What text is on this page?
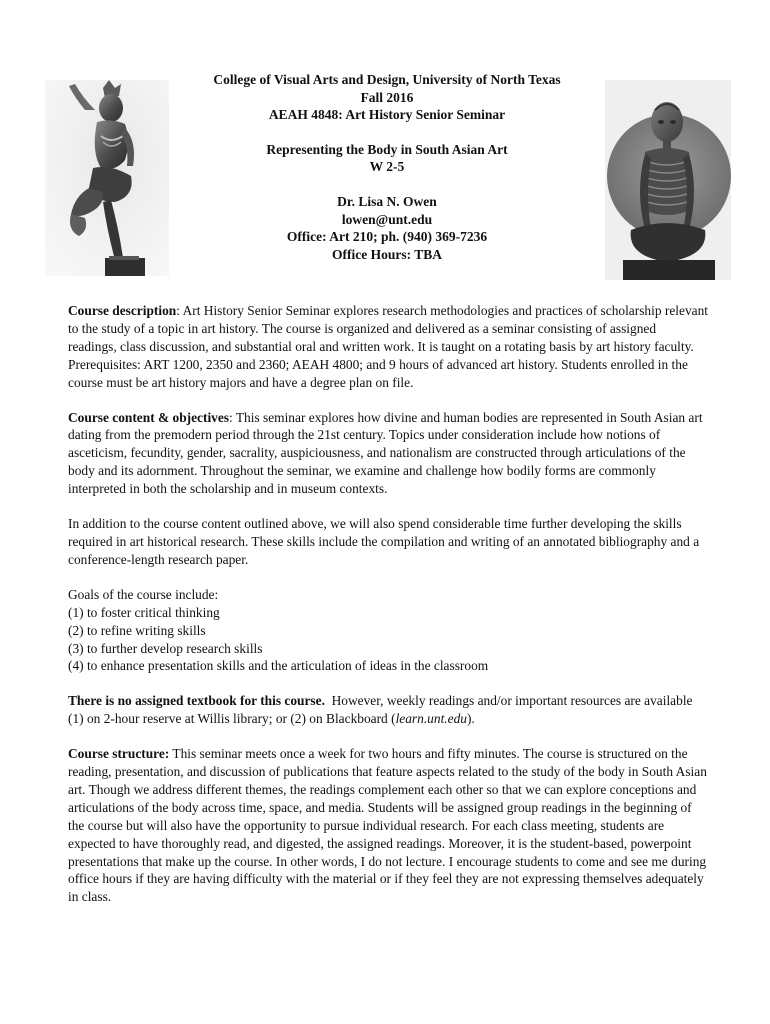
College of Visual Arts and Design, University of North Texas
Fall 2016
AEAH 4848: Art History Senior Seminar
Representing the Body in South Asian Art
W 2-5
Dr. Lisa N. Owen
lowen@unt.edu
Office: Art 210; ph. (940) 369-7236
Office Hours: TBA

Course description: Art History Senior Seminar explores research methodologies and practices of scholarship relevant to the study of a topic in art history. The course is organized and delivered as a seminar consisting of assigned readings, class discussion, and substantial oral and written work. It is taught on a rotating basis by art history faculty. Prerequisites: ART 1200, 2350 and 2360; AEAH 4800; and 9 hours of advanced art history. Students enrolled in the course must be art history majors and have a degree plan on file.

Course content & objectives: This seminar explores how divine and human bodies are represented in South Asian art dating from the premodern period through the 21st century. Topics under consideration include how notions of asceticism, fecundity, gender, sacrality, auspiciousness, and nationalism are constructed through articulations of the body and its adornment. Throughout the seminar, we examine and challenge how bodily forms are commonly interpreted in both the scholarship and in museum contexts.

In addition to the course content outlined above, we will also spend considerable time further developing the skills required in art historical research. These skills include the compilation and writing of an annotated bibliography and a conference-length research paper.

Goals of the course include:
(1) to foster critical thinking
(2) to refine writing skills
(3) to further develop research skills
(4) to enhance presentation skills and the articulation of ideas in the classroom

There is no assigned textbook for this course.  However, weekly readings and/or important resources are available (1) on 2-hour reserve at Willis library; or (2) on Blackboard (learn.unt.edu).

Course structure: This seminar meets once a week for two hours and fifty minutes. The course is structured on the reading, presentation, and discussion of publications that feature aspects related to the study of the body in South Asian art. Though we address different themes, the readings complement each other so that we can explore conceptions and articulations of the body across time, space, and media. Students will be assigned group readings in the beginning of the course but will also have the opportunity to pursue individual research. For each class meeting, students are expected to have thoroughly read, and digested, the assigned readings. Moreover, it is the student-based, powerpoint presentations that make up the course. In other words, I do not lecture. I encourage students to come and see me during office hours if they are having difficulty with the material or if they feel they are not expressing themselves adequately in class.
